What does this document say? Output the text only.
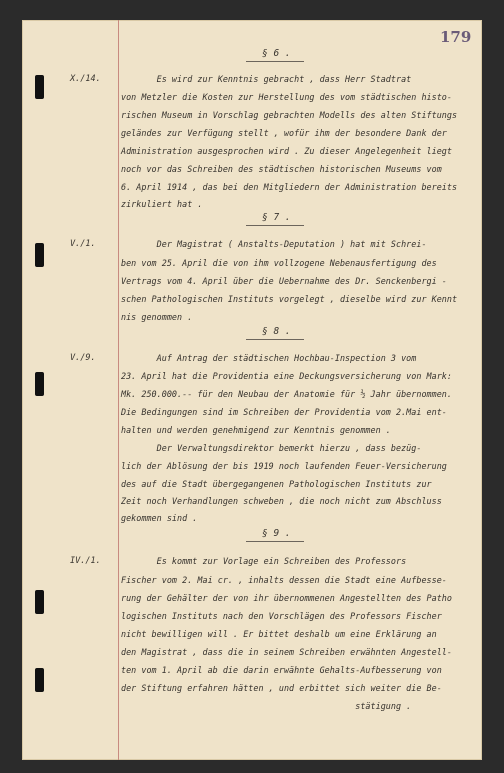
179
§ 6 .
X./14. Es wird zur Kenntnis gebracht , dass Herr Stadtrat
von Metzler die Kosten zur Herstellung des vom städtischen histo-
rischen Museum in Vorschlag gebrachten Modells des alten Stiftungs
geländes zur Verfügung stellt , wofür ihm der besondere Dank der
Administration ausgesprochen wird . Zu dieser Angelegenheit liegt
noch vor das Schreiben des städtischen historischen Museums vom
6. April 1914 , das bei den Mitgliedern der Administration bereits
zirkuliert hat .
§ 7 .
V./1.	Der Magistrat ( Anstalts-Deputation ) hat mit Schrei-
ben vom 25. April die von ihm vollzogene Nebenausfertigung des
Vertrags vom 4. April über die Uebernahme des Dr. Senckenbergi -
schen Pathologischen Instituts vorgelegt , dieselbe wird zur Kennt
nis genommen .
§ 8 .
V./9.	Auf Antrag der städtischen Hochbau-Inspection 3 vom
23. April hat die Providentia eine Deckungsversicherung von Mark:
Mk. 250.000.-- für den Neubau der Anatomie für ½ Jahr übernommen.
Die Bedingungen sind im Schreiben der Providentia vom 2.Mai ent-
halten und werden genehmigend zur Kenntnis genommen .
Der Verwaltungsdirektor bemerkt hierzu , dass bezüg-
lich der Ablösung der bis 1919 noch laufenden Feuer-Versicherung
des auf die Stadt übergegangenen Pathologischen Instituts zur
Zeit noch Verhandlungen schweben , die noch nicht zum Abschluss
gekommen sind .
§ 9 .
IV./1. Es kommt zur Vorlage ein Schreiben des Professors
Fischer vom 2. Mai cr. , inhalts dessen die Stadt eine Aufbesse-
rung der Gehälter der von ihr übernommenen Angestellten des Patho
logischen Instituts nach den Vorschlägen des Professors Fischer
nicht bewilligen will . Er bittet deshalb um eine Erklärung an
den Magistrat , dass die in seinem Schreiben erwähnten Angestell-
ten vom 1. April ab die darin erwähnte Gehalts-Aufbesserung von
der Stiftung erfahren hätten , und erbittet sich weiter die Be-
stätigung .
